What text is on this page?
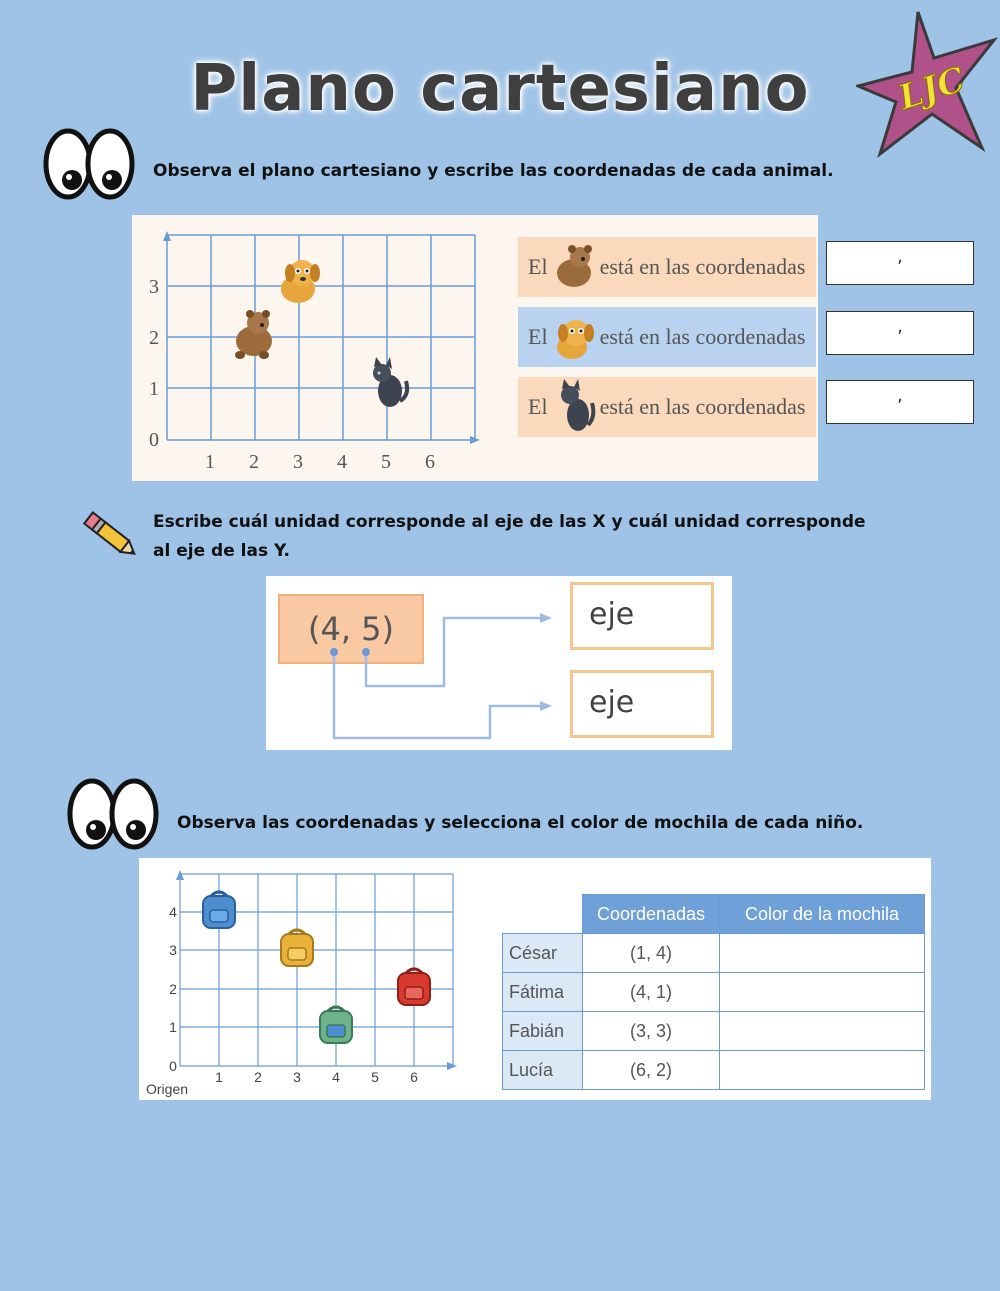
Plano cartesiano	LJC
Observa el plano cartesiano y escribe las coordenadas de cada animal.
1 2 3 4 5 6
0
1
2
3
El está en las coordenadas	,
El está en las coordenadas	,
El está en las coordenadas	,
Escribe cuál unidad corresponde al eje de las X y cuál unidad corresponde
al eje de las Y.
(4, 5)	eje
eje
Observa las coordenadas y selecciona el color de mochila de cada niño.
1 2 3 4 5 6
0
1
2
3
4
Origen
	Coordenadas	Color de la mochila
César	(1, 4)	
Fátima	(4, 1)	
Fabián	(3, 3)	
Lucía	(6, 2)	
